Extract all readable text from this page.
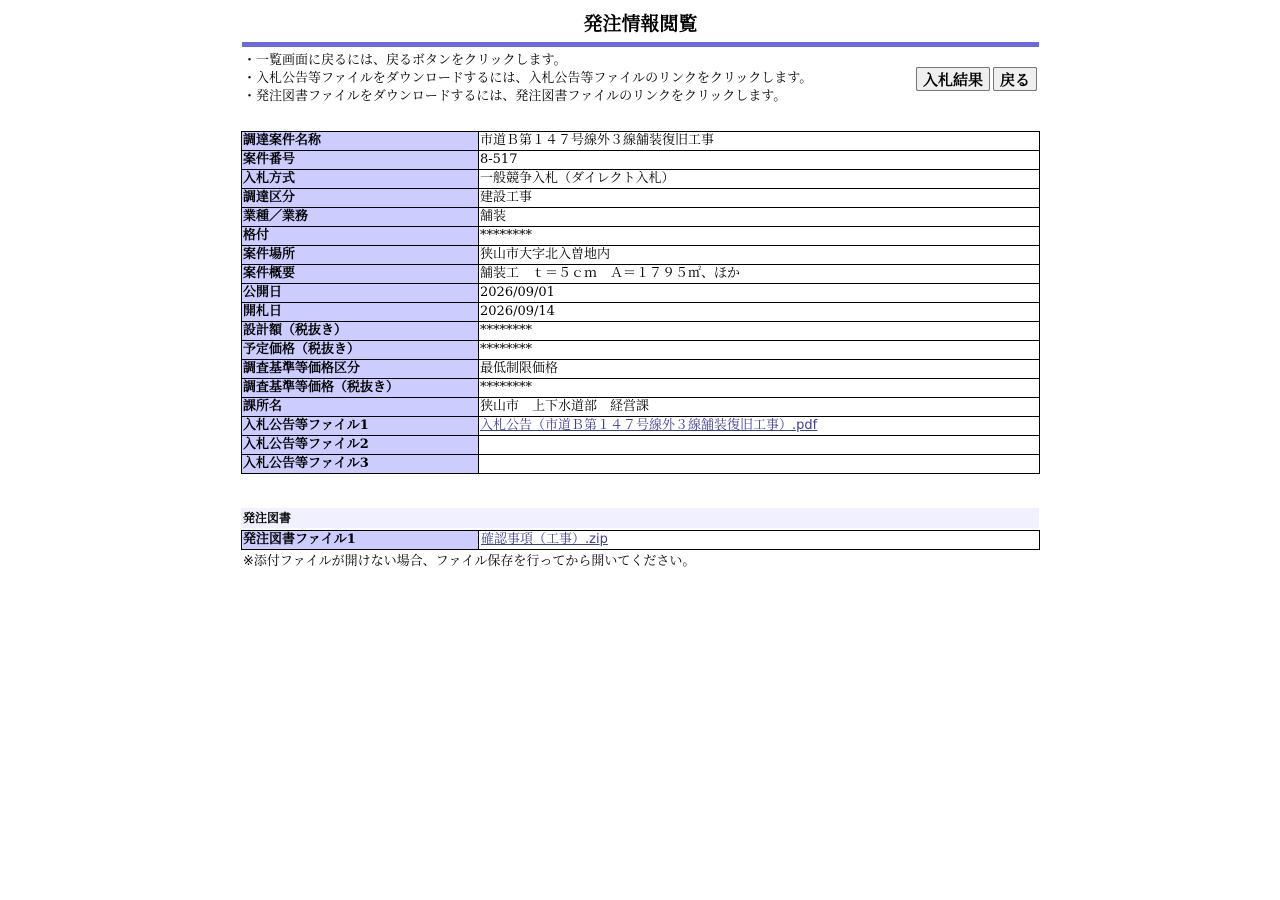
発注情報閲覧
・一覧画面に戻るには、戻るボタンをクリックします。
・入札公告等ファイルをダウンロードするには、入札公告等ファイルのリンクをクリックします。
・発注図書ファイルをダウンロードするには、発注図書ファイルのリンクをクリックします。
入札結果	戻る
調達案件名称	市道Ｂ第１４７号線外３線舗装復旧工事
案件番号	8-517
入札方式	一般競争入札（ダイレクト入札）
調達区分	建設工事
業種／業務	舗装
格付	********
案件場所	狭山市大字北入曽地内
案件概要	舗装工　ｔ＝５ｃｍ　Ａ＝１７９５㎡、ほか
公開日	2026/09/01
開札日	2026/09/14
設計額（税抜き）	********
予定価格（税抜き）	********
調査基準等価格区分	最低制限価格
調査基準等価格（税抜き）	********
課所名	狭山市　上下水道部　経営課
入札公告等ファイル1	入札公告（市道Ｂ第１４７号線外３線舗装復旧工事）.pdf
入札公告等ファイル2	
入札公告等ファイル3	
発注図書
発注図書ファイル1	確認事項（工事）.zip
※添付ファイルが開けない場合、ファイル保存を行ってから開いてください。
